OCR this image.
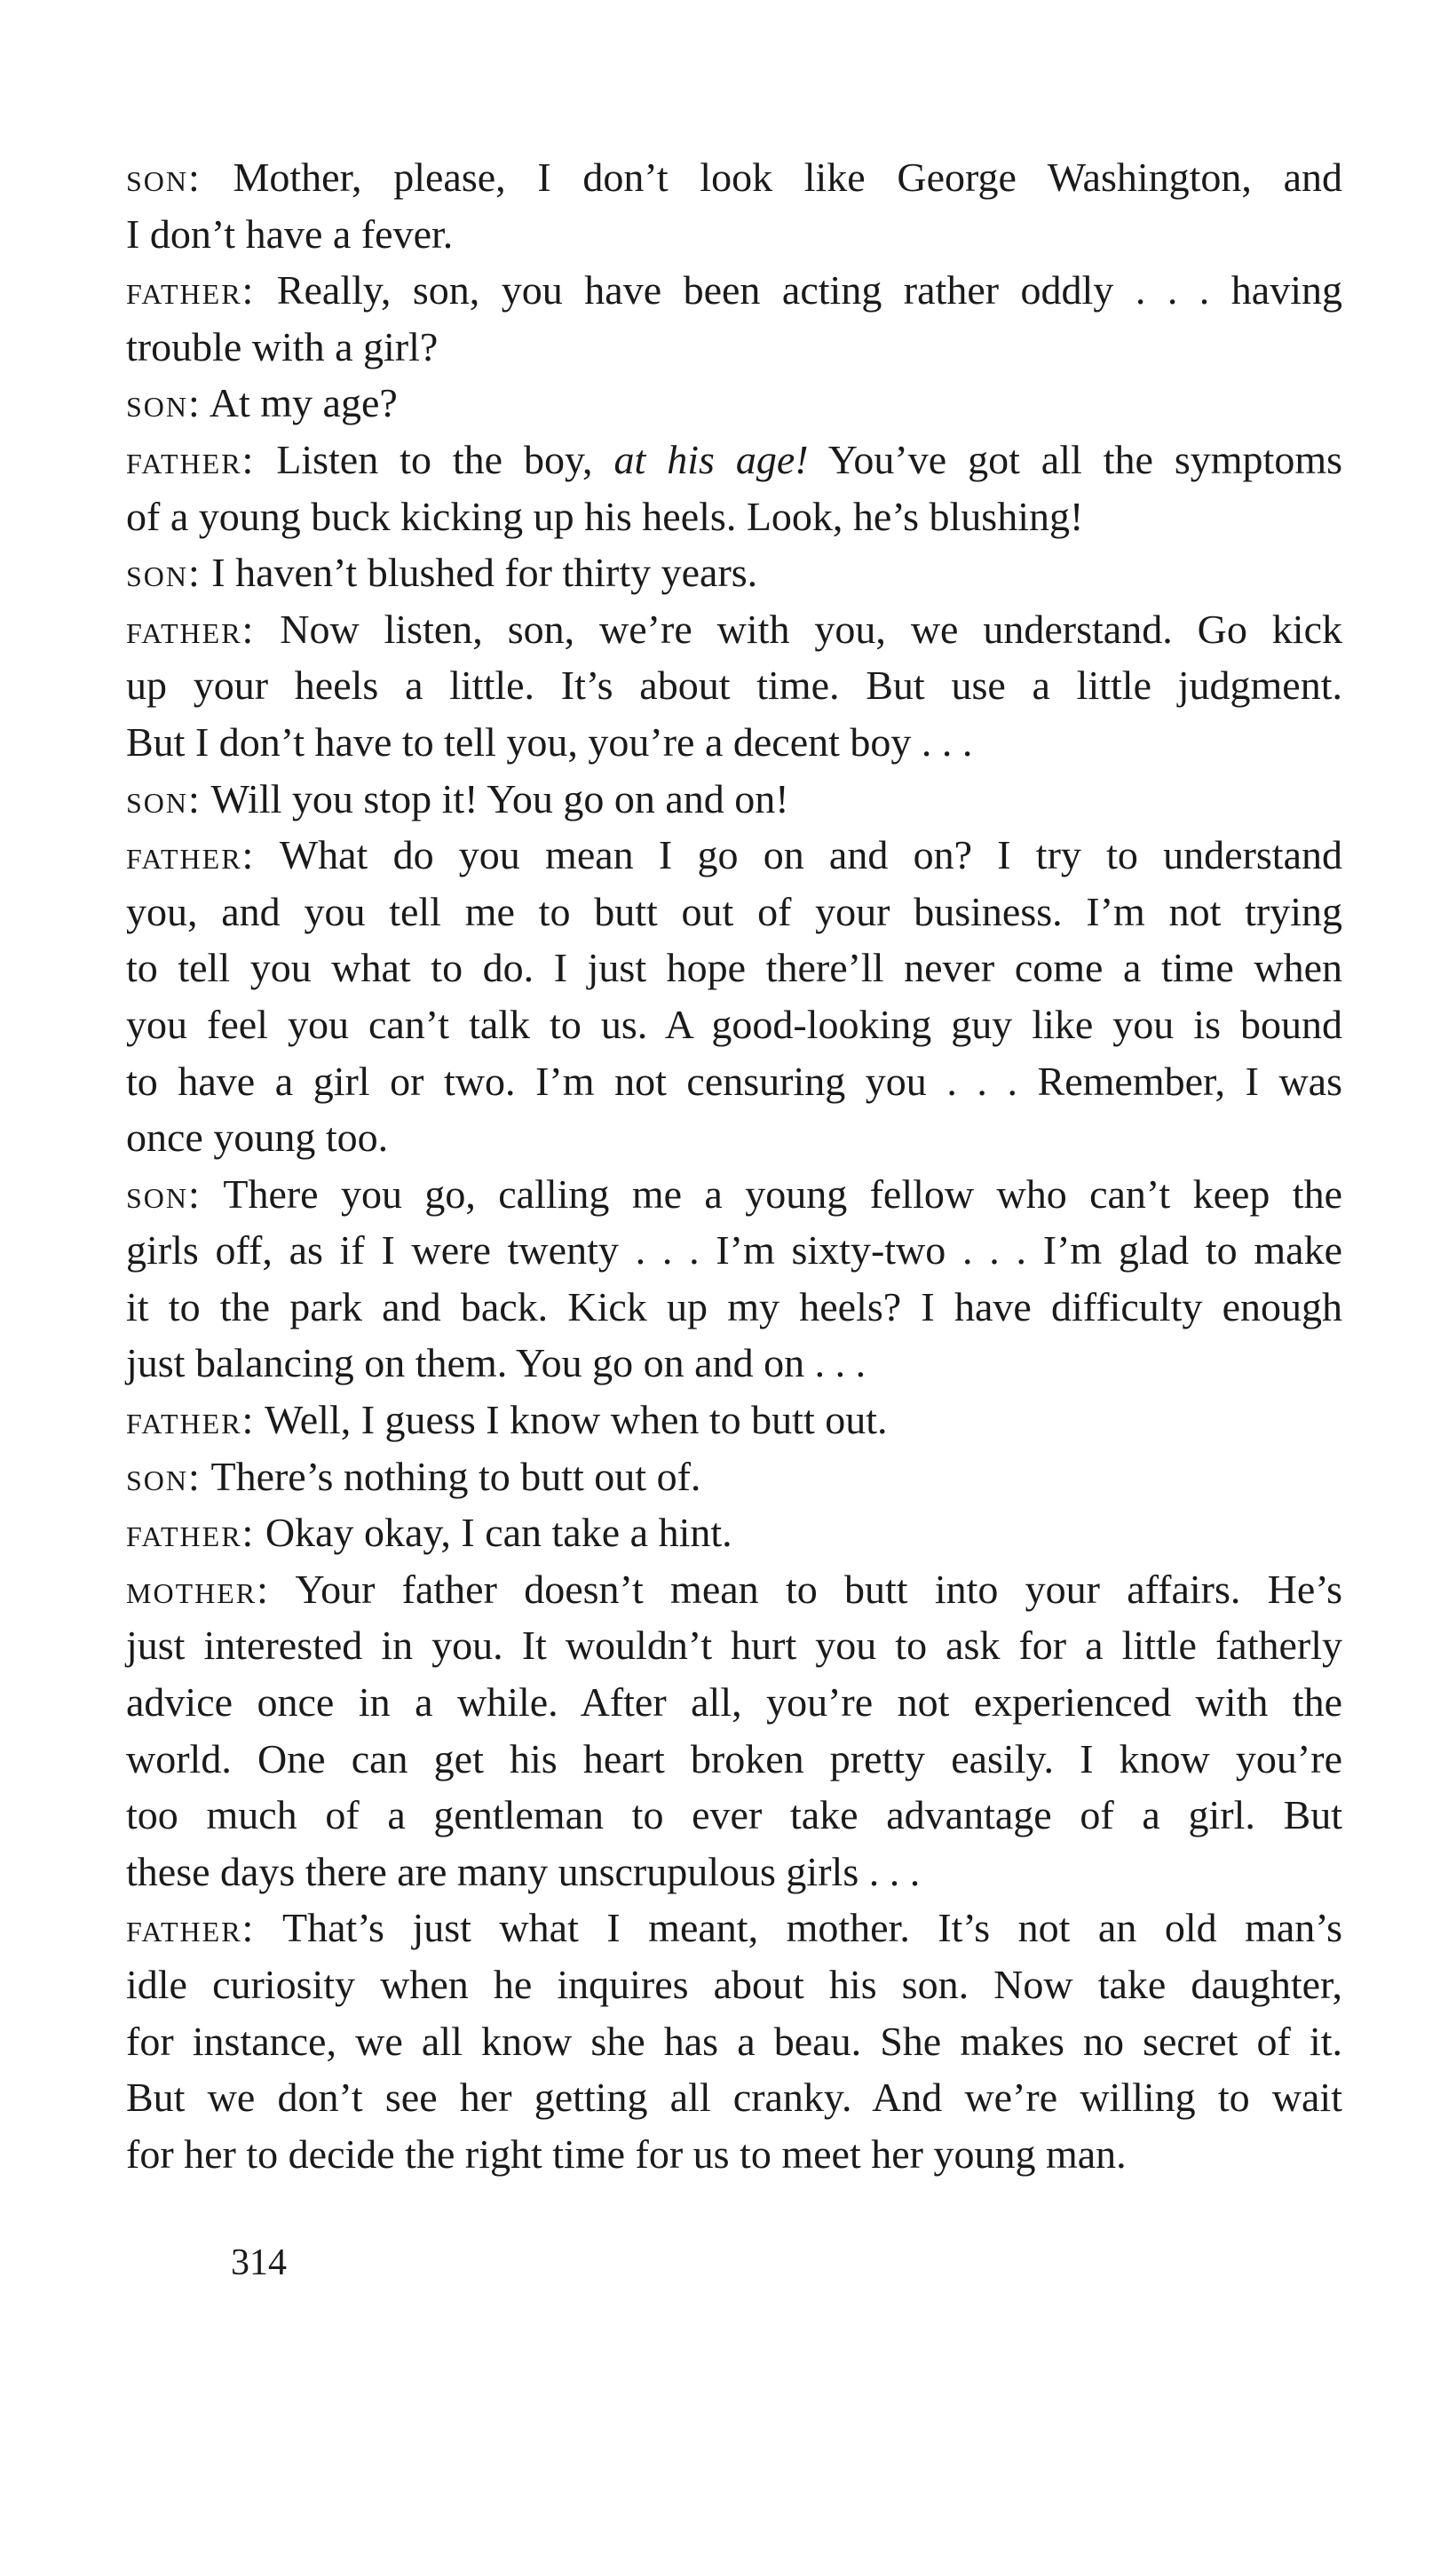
son: Mother, please, I don’t look like George Washington, and
I don’t have a fever.
father: Really, son, you have been acting rather oddly . . . having
trouble with a girl?
son: At my age?
father: Listen to the boy, at his age! You’ve got all the symptoms
of a young buck kicking up his heels. Look, he’s blushing!
son: I haven’t blushed for thirty years.
father: Now listen, son, we’re with you, we understand. Go kick
up your heels a little. It’s about time. But use a little judgment.
But I don’t have to tell you, you’re a decent boy . . .
son: Will you stop it! You go on and on!
father: What do you mean I go on and on? I try to understand
you, and you tell me to butt out of your business. I’m not trying
to tell you what to do. I just hope there’ll never come a time when
you feel you can’t talk to us. A good-looking guy like you is bound
to have a girl or two. I’m not censuring you . . . Remember, I was
once young too.
son: There you go, calling me a young fellow who can’t keep the
girls off, as if I were twenty . . . I’m sixty-two . . . I’m glad to make
it to the park and back. Kick up my heels? I have difficulty enough
just balancing on them. You go on and on . . .
father: Well, I guess I know when to butt out.
son: There’s nothing to butt out of.
father: Okay okay, I can take a hint.
mother: Your father doesn’t mean to butt into your affairs. He’s
just interested in you. It wouldn’t hurt you to ask for a little fatherly
advice once in a while. After all, you’re not experienced with the
world. One can get his heart broken pretty easily. I know you’re
too much of a gentleman to ever take advantage of a girl. But
these days there are many unscrupulous girls . . .
father: That’s just what I meant, mother. It’s not an old man’s
idle curiosity when he inquires about his son. Now take daughter,
for instance, we all know she has a beau. She makes no secret of it.
But we don’t see her getting all cranky. And we’re willing to wait
for her to decide the right time for us to meet her young man.
314
